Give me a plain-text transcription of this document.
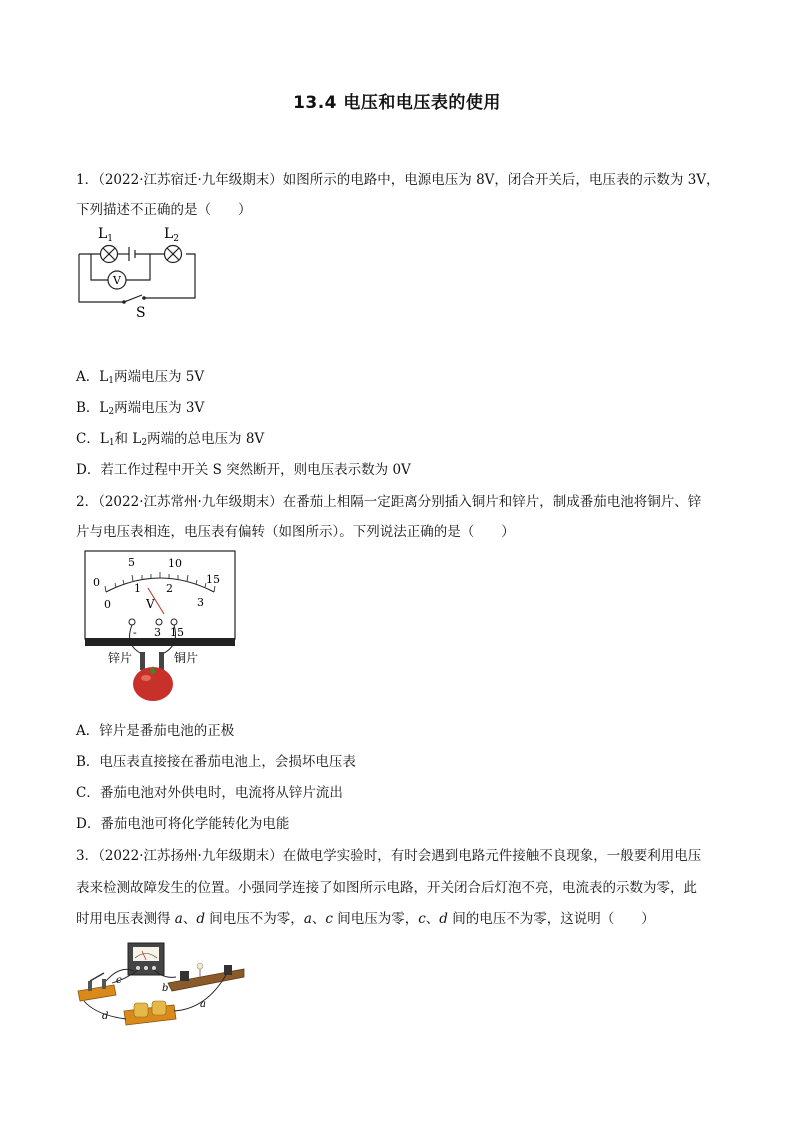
13.4 电压和电压表的使用
1．（2022·江苏宿迁·九年级期末）如图所示的电路中，电源电压为 8V，闭合开关后，电压表的示数为 3V，
下列描述不正确的是（　　）
$L_1$	$L_2$
V
S
A．$L_1$两端电压为 5V
B．$L_2$两端电压为 3V
C．$L_1$和 $L_2$两端的总电压为 8V
D．若工作过程中开关 S 突然断开，则电压表示数为 0V
2．（2022·江苏常州·九年级期末）在番茄上相隔一定距离分别插入铜片和锌片，制成番茄电池将铜片、锌
片与电压表相连，电压表有偏转（如图所示）。下列说法正确的是（　　）
0
5	10
15
0
1 2
3
V
- 3 15
锌片	铜片
A．锌片是番茄电池的正极
B．电压表直接接在番茄电池上，会损坏电压表
C．番茄电池对外供电时，电流将从锌片流出
D．番茄电池可将化学能转化为电能
3．（2022·江苏扬州·九年级期末）在做电学实验时，有时会遇到电路元件接触不良现象，一般要利用电压
表来检测故障发生的位置。小强同学连接了如图所示电路，开关闭合后灯泡不亮，电流表的示数为零，此
时用电压表测得 a、d 间电压不为零，a、c 间电压为零，c、d 间的电压不为零，这说明（　　）
c
b
a
d
